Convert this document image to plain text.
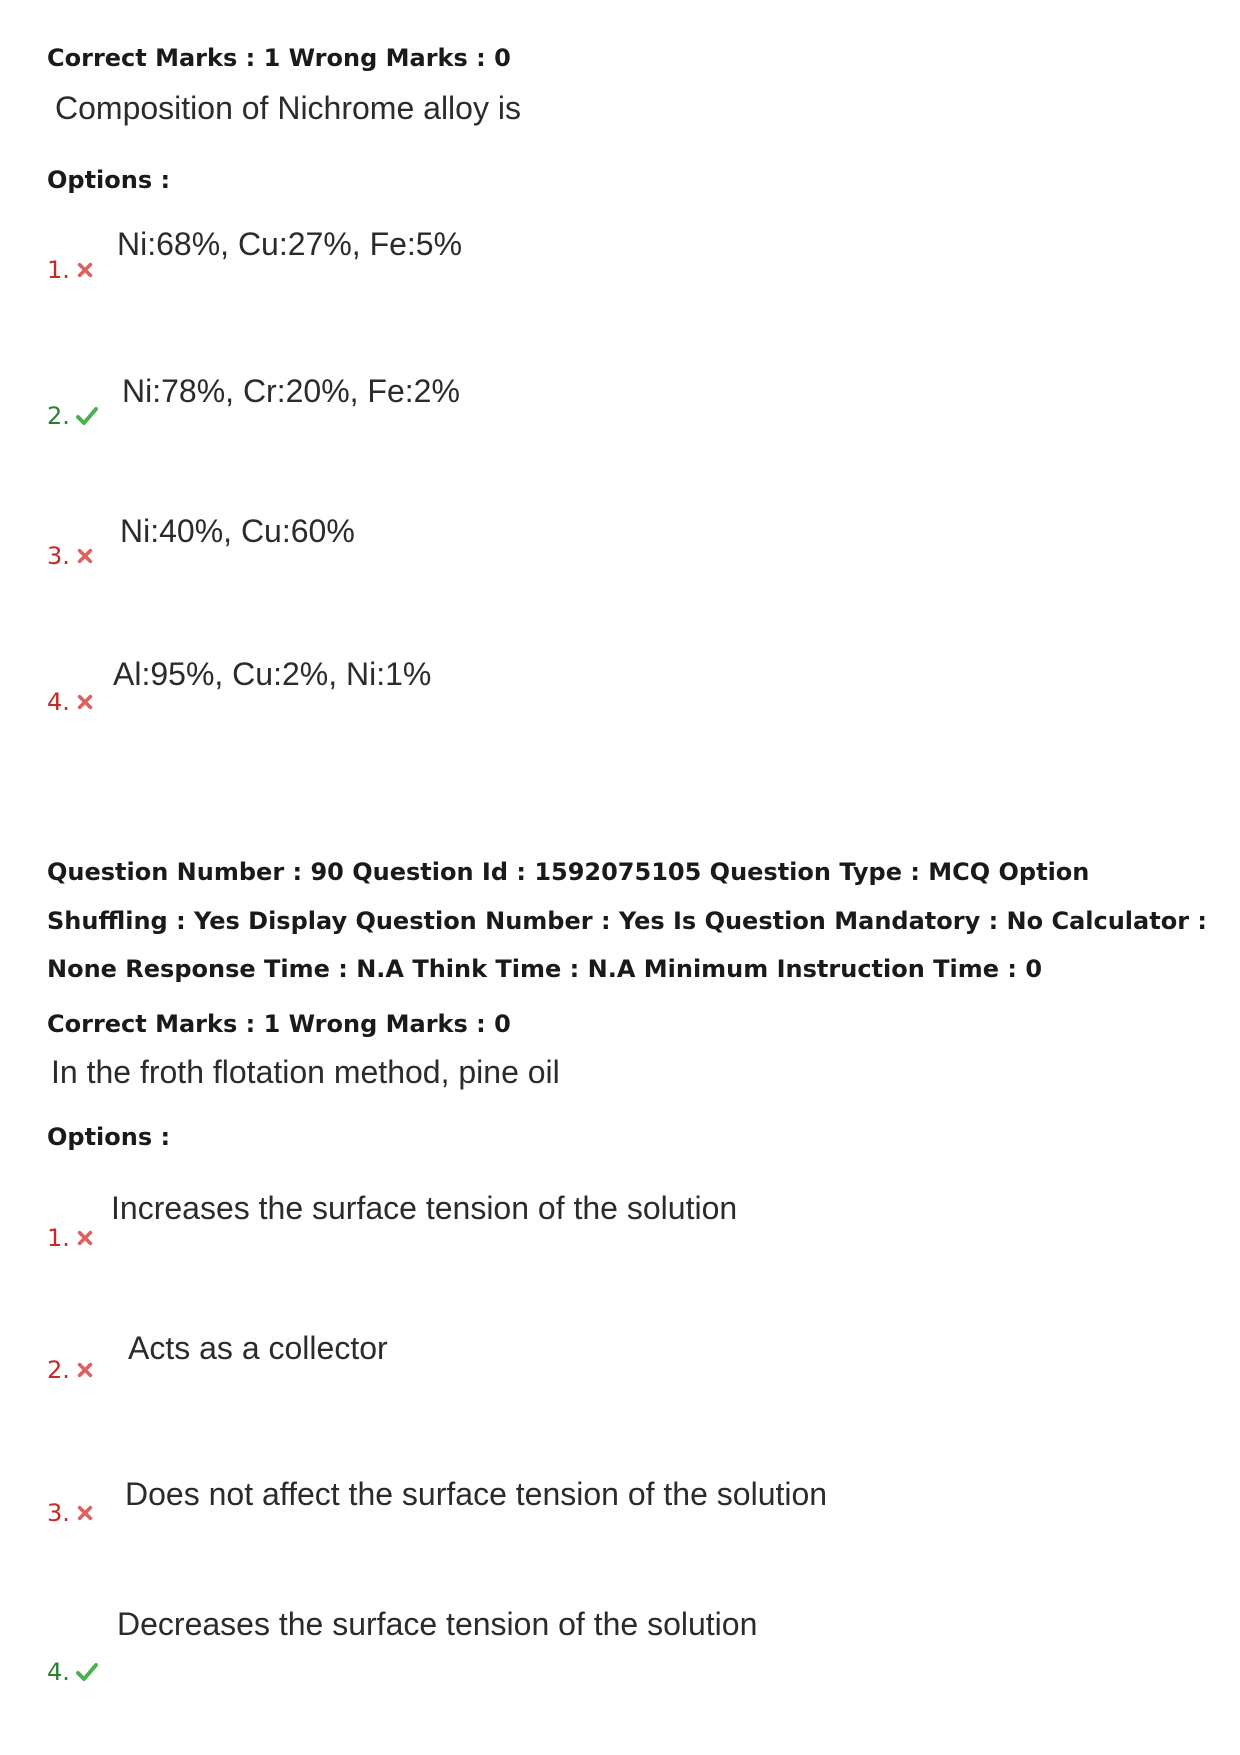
Correct Marks : 1 Wrong Marks : 0
Composition of Nichrome alloy is
Options :
1.
Ni:68%, Cu:27%, Fe:5%
2.
Ni:78%, Cr:20%, Fe:2%
3.
Ni:40%, Cu:60%
4.
Al:95%, Cu:2%, Ni:1%
Question Number : 90 Question Id : 1592075105 Question Type : MCQ Option Shuffling : Yes Display Question Number : Yes Is Question Mandatory : No Calculator : None Response Time : N.A Think Time : N.A Minimum Instruction Time : 0
Correct Marks : 1 Wrong Marks : 0
In the froth flotation method, pine oil
Options :
1.
Increases the surface tension of the solution
2.
Acts as a collector
3.
Does not affect the surface tension of the solution
4.
Decreases the surface tension of the solution
